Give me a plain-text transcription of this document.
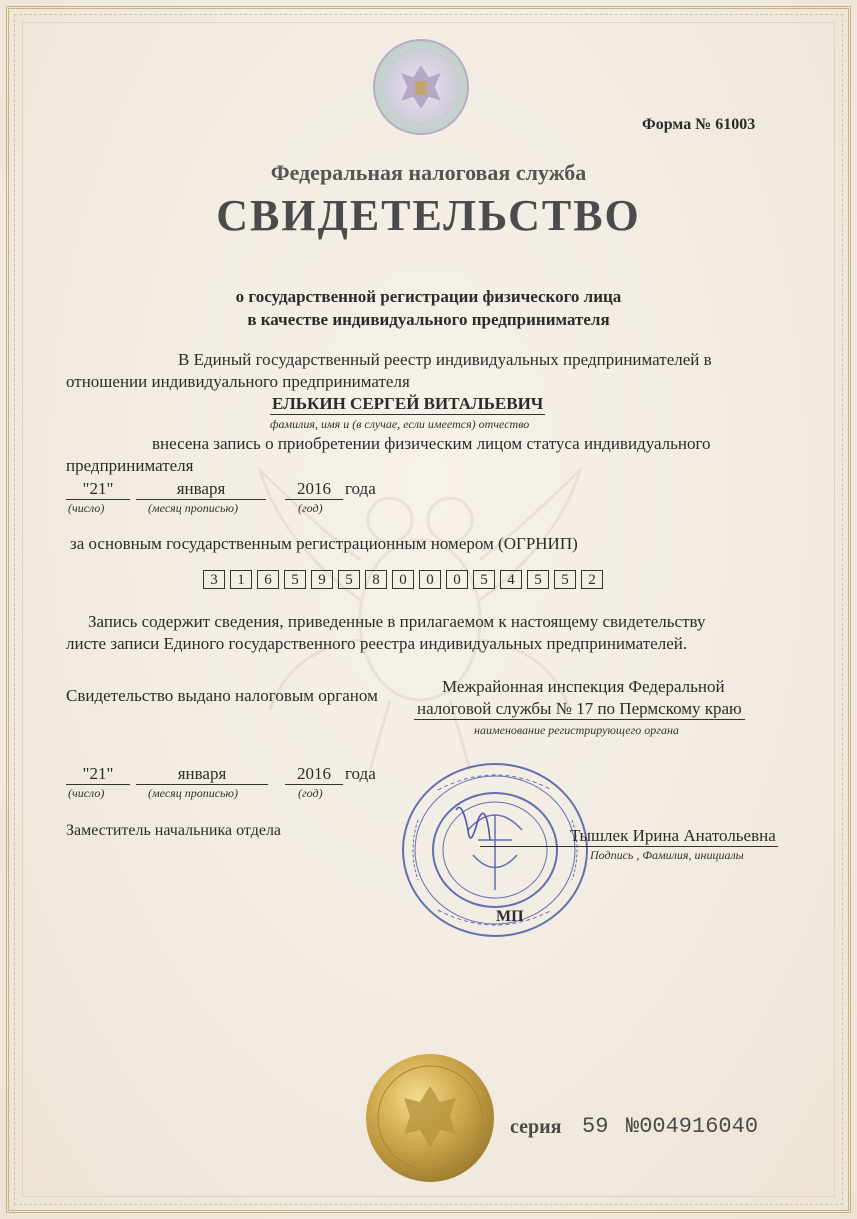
Форма № 61003
Федеральная налоговая служба
СВИДЕТЕЛЬСТВО
о государственной регистрации физического лица
в качестве индивидуального предпринимателя
В Единый государственный реестр индивидуальных предпринимателей в
отношении индивидуального предпринимателя
ЕЛЬКИН СЕРГЕЙ ВИТАЛЬЕВИЧ
фамилия, имя и (в случае, если имеется) отчество
внесена запись о приобретении физическим лицом статуса индивидуального
предпринимателя
"21"	января	2016 года
(число)	(месяц прописью)	(год)
за основным государственным регистрационным номером (ОГРНИП)
3	1	6	5	9	5	8	0	0	0	5	4	5	5	2
Запись содержит сведения, приведенные в прилагаемом к настоящему свидетельству
листе записи Единого государственного реестра индивидуальных предпринимателей.
Свидетельство выдано налоговым органом	Межрайонная инспекция Федеральной
налоговой службы № 17 по Пермскому краю
наименование регистрирующего органа
"21"	января	2016 года
(число)	(месяц прописью)	(год)
Заместитель начальника отдела	Тышлек Ирина Анатольевна
Подпись , Фамилия, инициалы
МП
серия 59 №004916040
